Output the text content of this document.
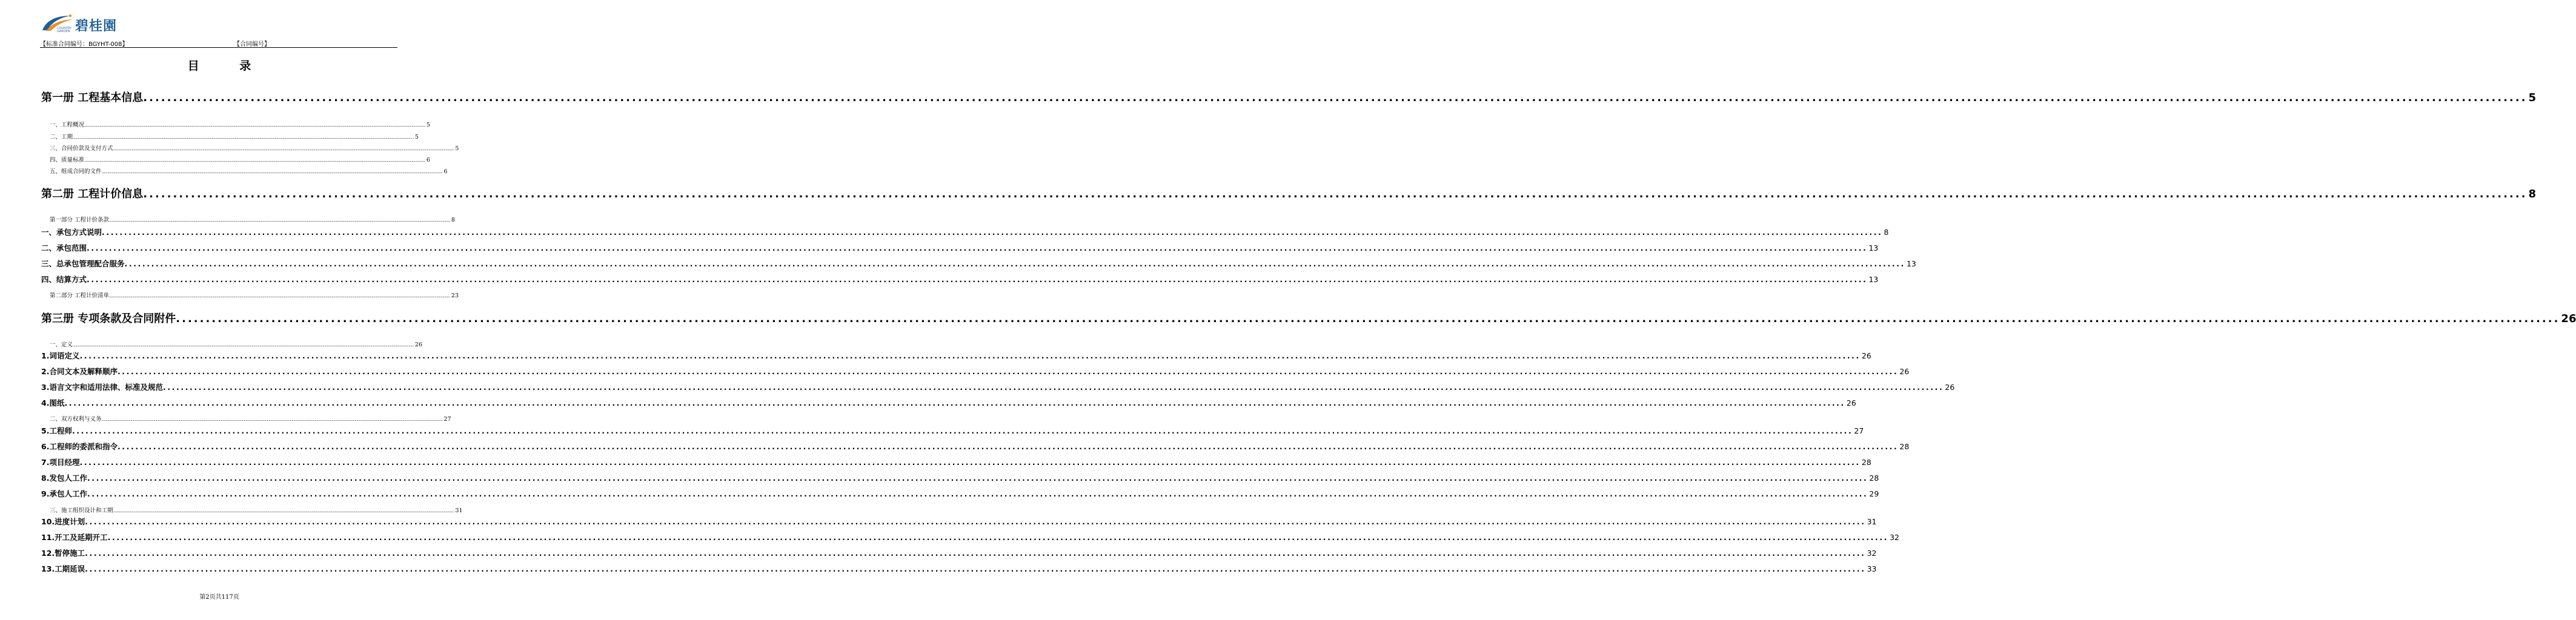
碧桂園
COUNTRY
GARDEN
【标准合同编号：BGYHT-008】	【合同编号】
目 录
第一册 工程基本信息 ................................................................................................................................................................................................................................................................................................................................................................................................................ 5
一、工程概况 ................................................................................................................................................................................................................................................................................................................................................................................................................ 5
二、工期 ................................................................................................................................................................................................................................................................................................................................................................................................................ 5
三、合同价款及支付方式 ................................................................................................................................................................................................................................................................................................................................................................................................................ 5
四、质量标准 ................................................................................................................................................................................................................................................................................................................................................................................................................ 6
五、组成合同的文件 ................................................................................................................................................................................................................................................................................................................................................................................................................ 6
第二册 工程计价信息 ................................................................................................................................................................................................................................................................................................................................................................................................................ 8
第一部分 工程计价条款 ................................................................................................................................................................................................................................................................................................................................................................................................................ 8
一、承包方式说明 ................................................................................................................................................................................................................................................................................................................................................................................................................ 8
二、承包范围 ................................................................................................................................................................................................................................................................................................................................................................................................................ 13
三、总承包管理配合服务 ................................................................................................................................................................................................................................................................................................................................................................................................................ 13
四、结算方式 ................................................................................................................................................................................................................................................................................................................................................................................................................ 13
第二部分 工程计价清单 ................................................................................................................................................................................................................................................................................................................................................................................................................ 23
第三册 专项条款及合同附件 ................................................................................................................................................................................................................................................................................................................................................................................................................ 26
一、定义 ................................................................................................................................................................................................................................................................................................................................................................................................................ 26
1.词语定义 ................................................................................................................................................................................................................................................................................................................................................................................................................ 26
2.合同文本及解释顺序 ................................................................................................................................................................................................................................................................................................................................................................................................................ 26
3.语言文字和适用法律、标准及规范 ................................................................................................................................................................................................................................................................................................................................................................................................................ 26
4.图纸 ................................................................................................................................................................................................................................................................................................................................................................................................................ 26
二、双方权利与义务 ................................................................................................................................................................................................................................................................................................................................................................................................................ 27
5.工程师 ................................................................................................................................................................................................................................................................................................................................................................................................................ 27
6.工程师的委派和指令 ................................................................................................................................................................................................................................................................................................................................................................................................................ 28
7.项目经理 ................................................................................................................................................................................................................................................................................................................................................................................................................ 28
8.发包人工作 ................................................................................................................................................................................................................................................................................................................................................................................................................ 28
9.承包人工作 ................................................................................................................................................................................................................................................................................................................................................................................................................ 29
三、施工组织设计和工期 ................................................................................................................................................................................................................................................................................................................................................................................................................ 31
10.进度计划 ................................................................................................................................................................................................................................................................................................................................................................................................................ 31
11.开工及延期开工 ................................................................................................................................................................................................................................................................................................................................................................................................................ 32
12.暂停施工 ................................................................................................................................................................................................................................................................................................................................................................................................................ 32
13.工期延误 ................................................................................................................................................................................................................................................................................................................................................................................................................ 33
第2页共117页
